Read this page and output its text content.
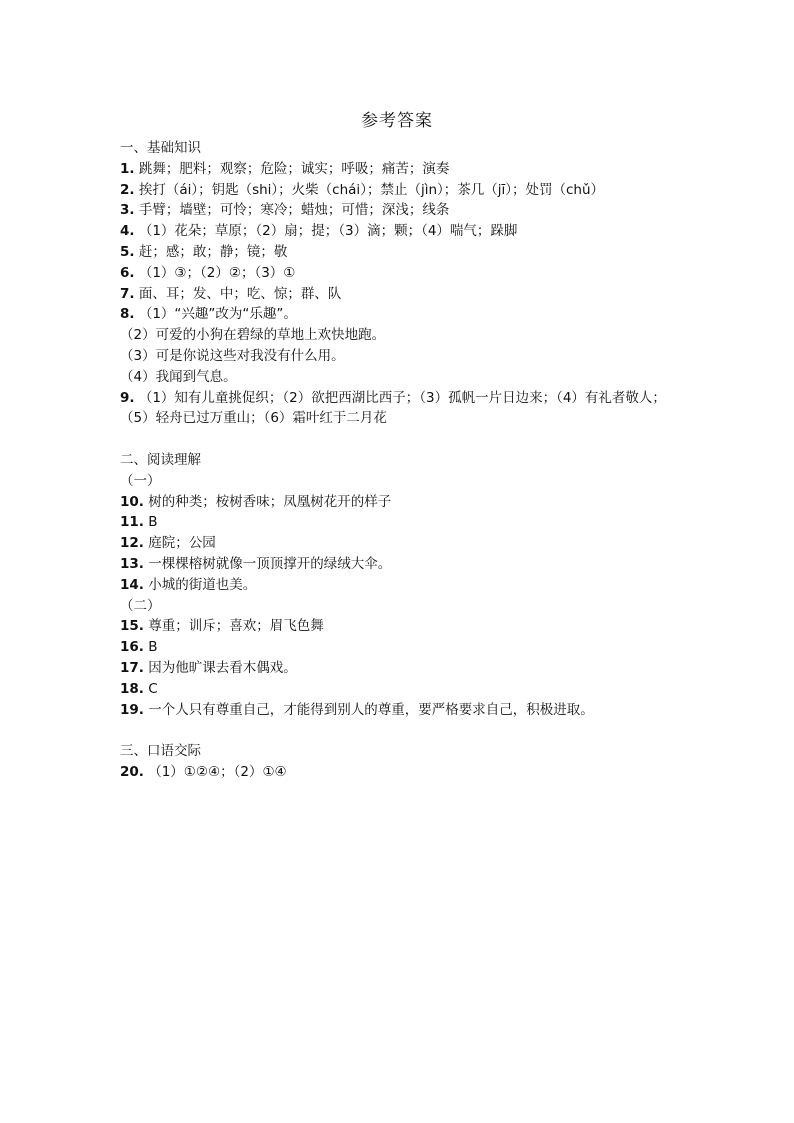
参考答案
一、基础知识
1. 跳舞；肥料；观察；危险；诚实；呼吸；痛苦；演奏
2. 挨打（ái）；钥匙（shi）；火柴（chái）；禁止（jìn）；茶几（jī）；处罚（chǔ）
3. 手臂；墙壁；可怜；寒冷；蜡烛；可惜；深浅；线条
4. （1）花朵；草原；（2）扇；提；（3）滴；颗；（4）喘气；跺脚
5. 赶；感；敢；静；镜；敬
6. （1）③；（2）②；（3）①
7. 面、耳；发、中；吃、惊；群、队
8. （1）“兴趣”改为“乐趣”。
（2）可爱的小狗在碧绿的草地上欢快地跑。
（3）可是你说这些对我没有什么用。
（4）我闻到气息。
9. （1）知有儿童挑促织；（2）欲把西湖比西子；（3）孤帆一片日边来；（4）有礼者敬人；（5）轻舟已过万重山；（6）霜叶红于二月花
二、阅读理解
（一）
10. 树的种类；桉树香味；凤凰树花开的样子
11. B
12. 庭院；公园
13. 一棵棵榕树就像一顶顶撑开的绿绒大伞。
14. 小城的街道也美。
（二）
15. 尊重；训斥；喜欢；眉飞色舞
16. B
17. 因为他旷课去看木偶戏。
18. C
19. 一个人只有尊重自己，才能得到别人的尊重，要严格要求自己，积极进取。
三、口语交际
20. （1）①②④；（2）①④
